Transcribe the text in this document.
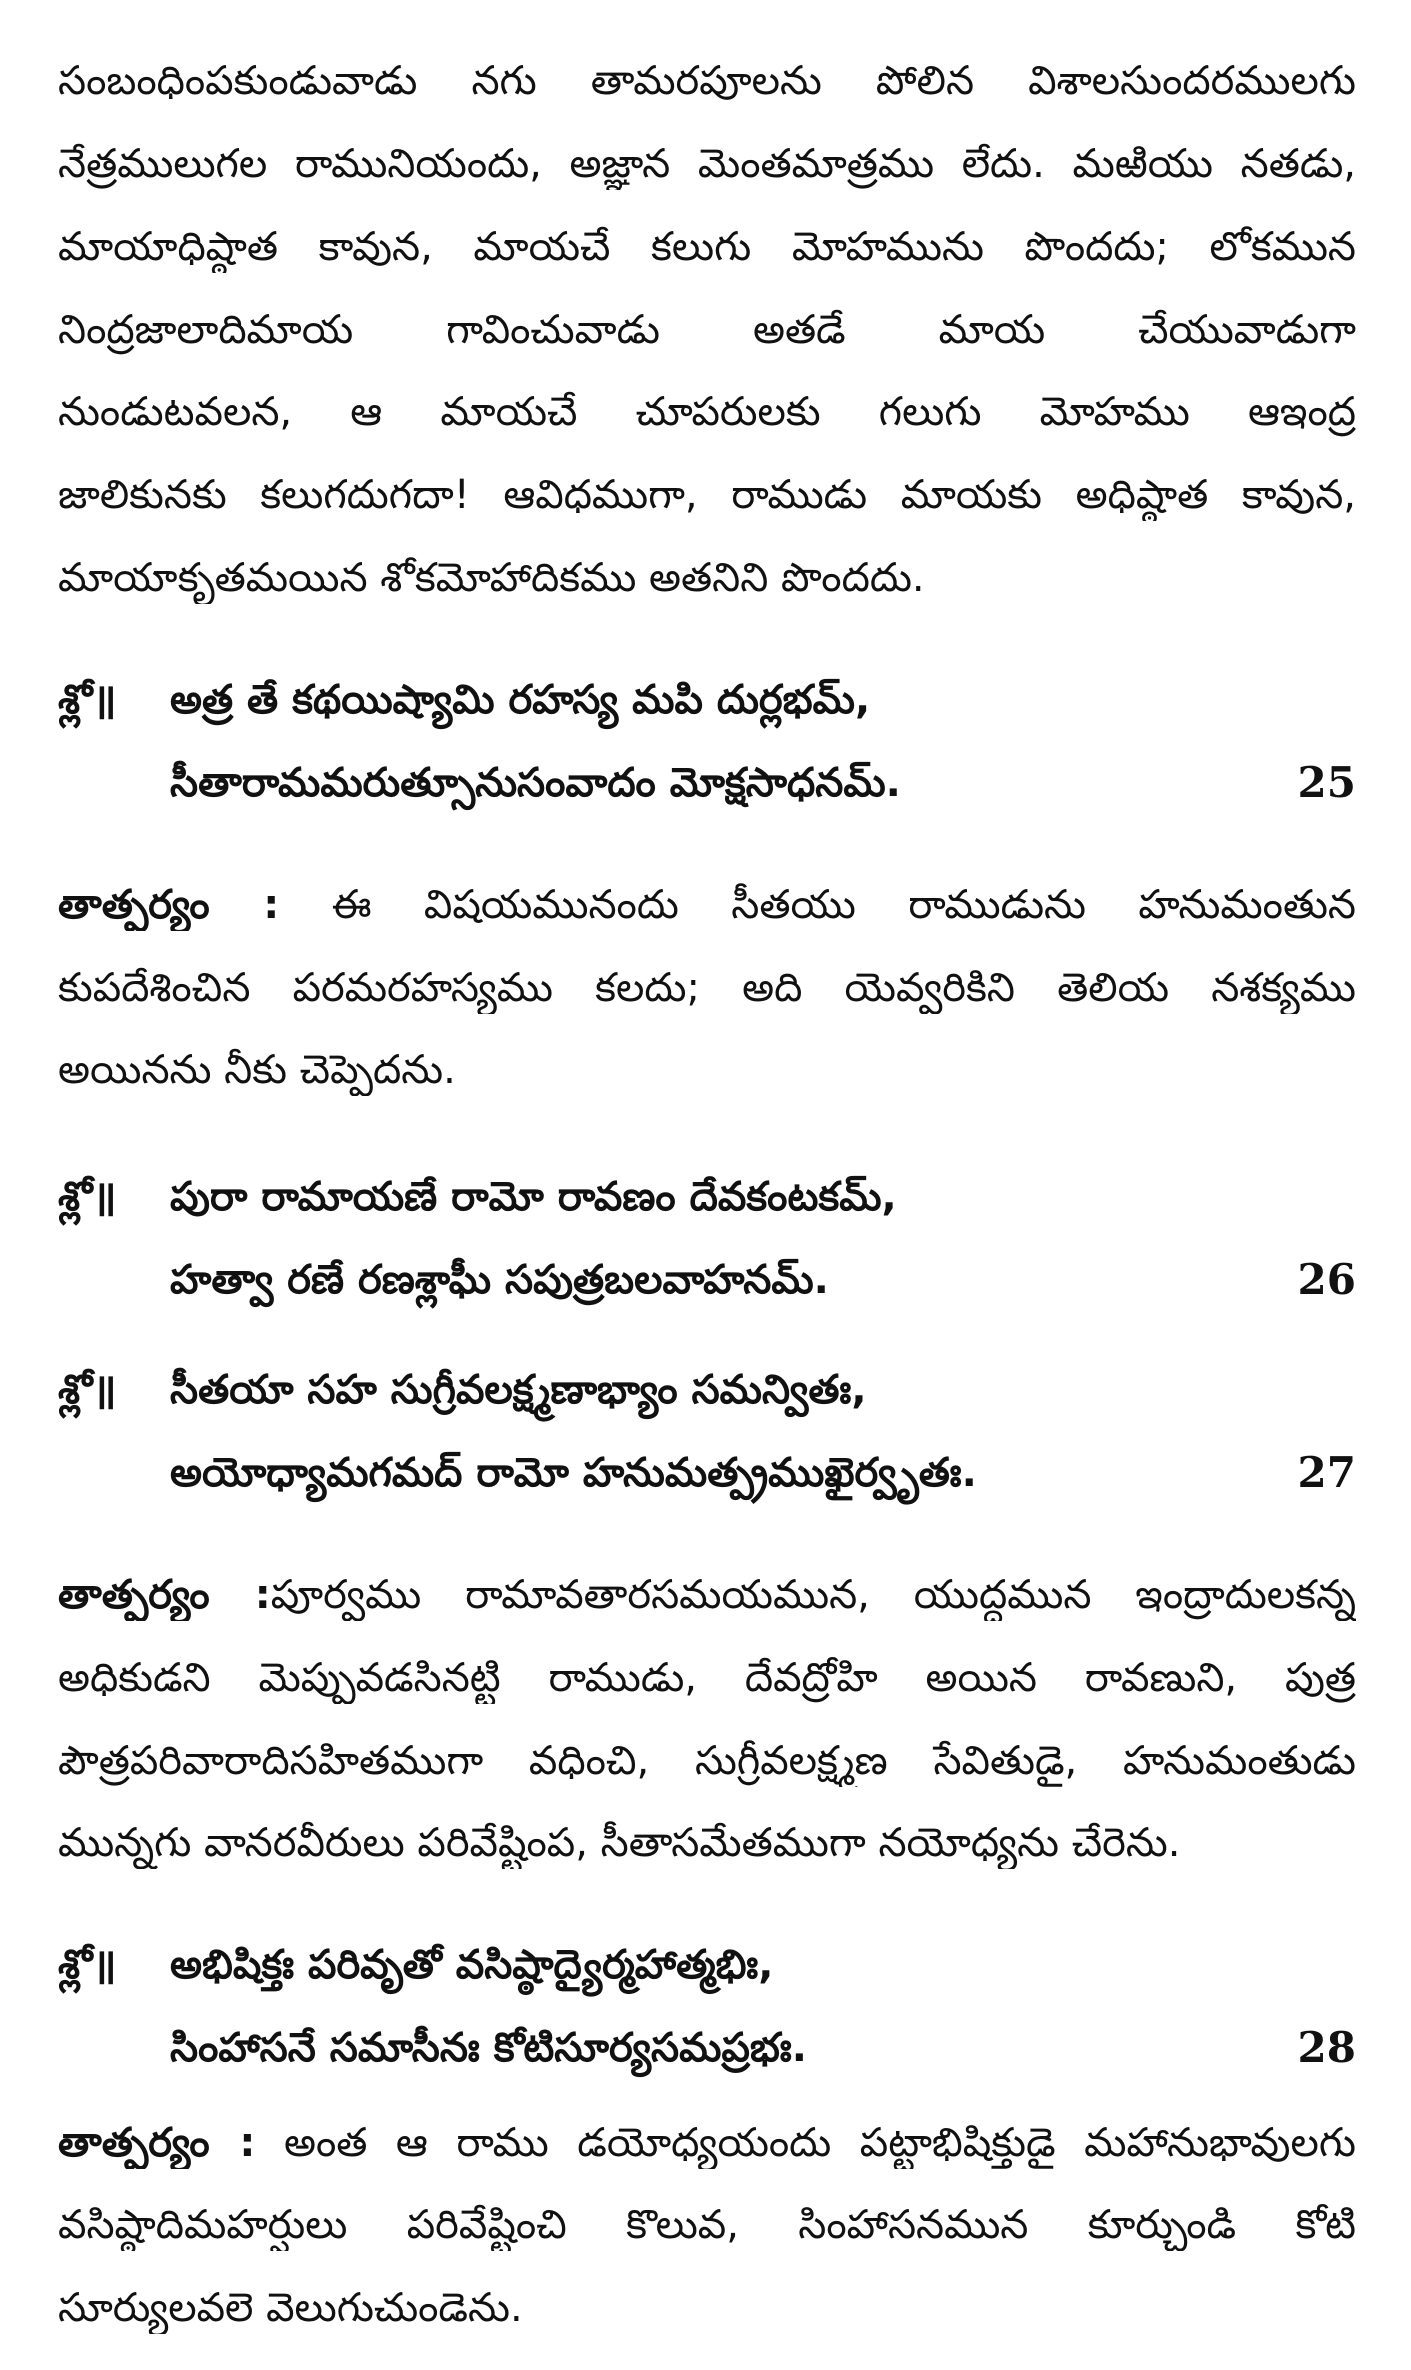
సంబంధింపకుండువాడు నగు తామరపూలను పోలిన విశాలసుందరములగు
నేత్రములుగల రామునియందు, అజ్ఞాన మెంతమాత్రము లేదు. మఱియు నతడు,
మాయాధిష్ఠాత కావున, మాయచే కలుగు మోహమును పొందదు; లోకమున
నింద్రజాలాదిమాయ గావించువాడు అతడే మాయ చేయువాడుగా
నుండుటవలన, ఆ మాయచే చూపరులకు గలుగు మోహము ఆఇంద్ర
జాలికునకు కలుగదుగదా! ఆవిధముగా, రాముడు మాయకు అధిష్ఠాత కావున,
మాయాకృతమయిన శోకమోహాదికము అతనిని పొందదు.
శ్లో॥ అత్ర తే కథయిష్యామి రహస్య మపి దుర్లభమ్,
సీతారామమరుత్సూనుసంవాదం మోక్షసాధనమ్.	25
తాత్పర్యం : ఈ విషయమునందు సీతయు రాముడును హనుమంతున
కుపదేశించిన పరమరహస్యము కలదు; అది యెవ్వరికిని తెలియ నశక్యము
అయినను నీకు చెప్పెదను.
శ్లో॥ పురా రామాయణే రామో రావణం దేవకంటకమ్,
హత్వా రణే రణశ్లాఘీ సపుత్రబలవాహనమ్.	26
శ్లో॥ సీతయా సహ సుగ్రీవలక్ష్మణాభ్యాం సమన్వితః,
అయోధ్యామగమద్ రామో హనుమత్ప్రముఖైర్వృతః.	27
తాత్పర్యం :పూర్వము రామావతారసమయమున, యుద్ధమున ఇంద్రాదులకన్న
అధికుడని మెప్పువడసినట్టి రాముడు, దేవద్రోహి అయిన రావణుని, పుత్ర
పౌత్రపరివారాదిసహితముగా వధించి, సుగ్రీవలక్ష్మణ సేవితుడై, హనుమంతుడు
మున్నగు వానరవీరులు పరివేష్టింప, సీతాసమేతముగా నయోధ్యను చేరెను.
శ్లో॥ అభిషిక్తః పరివృతో వసిష్ఠాద్యైర్మహాత్మభిః,
సింహాసనే సమాసీనః కోటిసూర్యసమప్రభః.	28
తాత్పర్యం : అంత ఆ రాము డయోధ్యయందు పట్టాభిషిక్తుడై మహానుభావులగు
వసిష్ఠాదిమహర్షులు పరివేష్టించి కొలువ, సింహాసనమున కూర్చుండి కోటి
సూర్యులవలె వెలుగుచుండెను.
